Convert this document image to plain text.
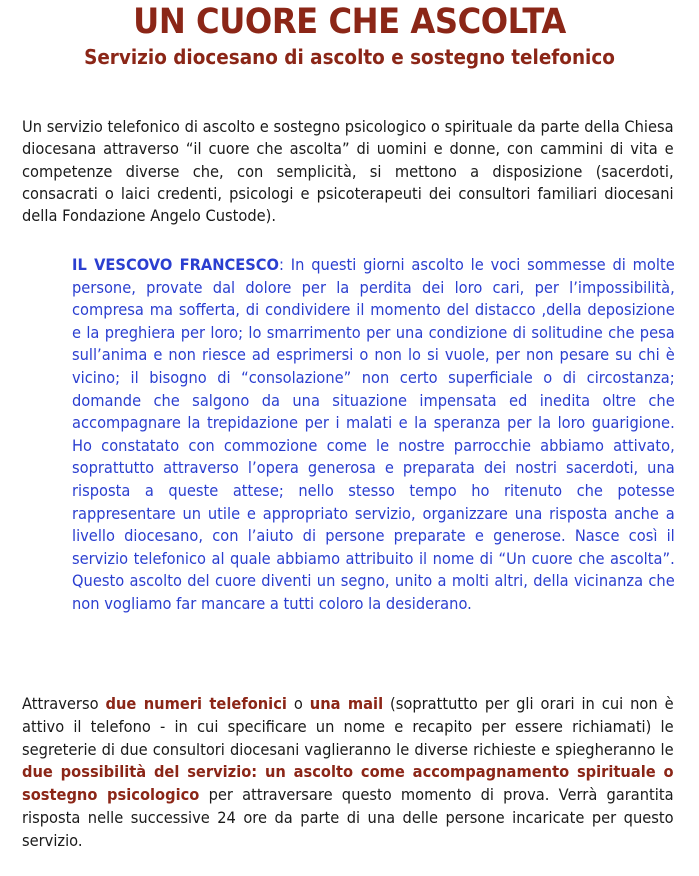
UN CUORE CHE ASCOLTA
Servizio diocesano di ascolto e sostegno telefonico

Un servizio telefonico di ascolto e sostegno psicologico o spirituale da parte della Chiesa diocesana attraverso “il cuore che ascolta” di uomini e donne, con cammini di vita e competenze diverse che, con semplicità, si mettono a disposizione (sacerdoti, consacrati o laici credenti, psicologi e psicoterapeuti dei consultori familiari diocesani della Fondazione Angelo Custode).

IL VESCOVO FRANCESCO: In questi giorni ascolto le voci sommesse di molte persone, provate dal dolore per la perdita dei loro cari, per l’impossibilità, compresa ma sofferta, di condividere il momento del distacco ,della deposizione e la preghiera per loro; lo smarrimento per una condizione di solitudine che pesa sull’anima e non riesce ad esprimersi o non lo si vuole, per non pesare su chi è vicino; il bisogno di “consolazione” non certo superficiale o di circostanza; domande che salgono da una situazione impensata ed inedita oltre che accompagnare la trepidazione per i malati e la speranza per la loro guarigione. Ho constatato con commozione come le nostre parrocchie abbiamo attivato, soprattutto attraverso l’opera generosa e preparata dei nostri sacerdoti, una risposta a queste attese; nello stesso tempo ho ritenuto che potesse rappresentare un utile e appropriato servizio, organizzare una risposta anche a livello diocesano, con l’aiuto di persone preparate e generose. Nasce così il servizio telefonico al quale abbiamo attribuito il nome di “Un cuore che ascolta”. Questo ascolto del cuore diventi un segno, unito a molti altri, della vicinanza che non vogliamo far mancare a tutti coloro la desiderano.

Attraverso due numeri telefonici o una mail (soprattutto per gli orari in cui non è attivo il telefono - in cui specificare un nome e recapito per essere richiamati) le segreterie di due consultori diocesani vaglieranno le diverse richieste e spiegheranno le due possibilità del servizio: un ascolto come accompagnamento spirituale o sostegno psicologico per attraversare questo momento di prova. Verrà garantita risposta nelle successive 24 ore da parte di una delle persone incaricate per questo servizio.
